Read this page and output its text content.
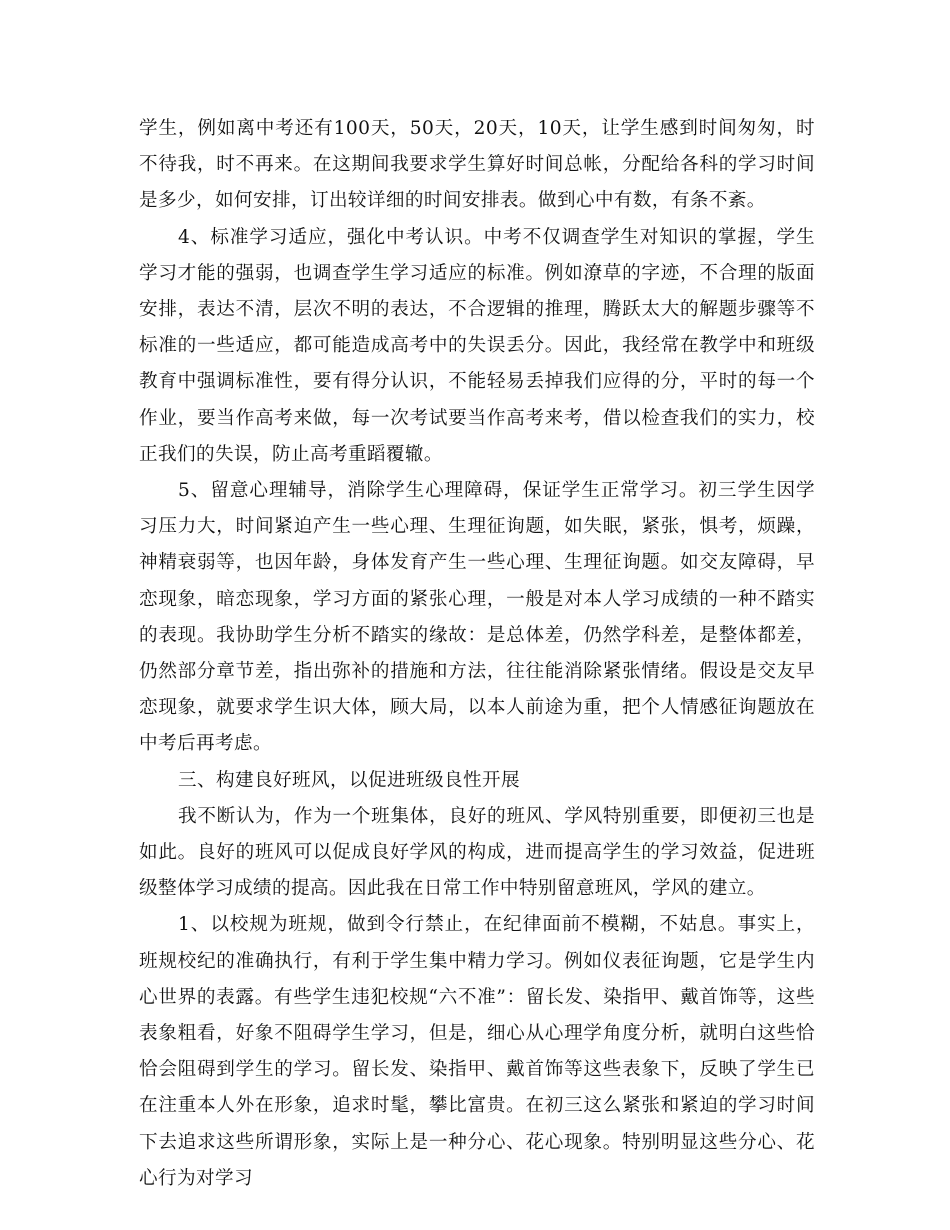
学生，例如离中考还有100天，50天，20天，10天，让学生感到时间匆匆，时不待我，时不再来。在这期间我要求学生算好时间总帐，分配给各科的学习时间是多少，如何安排，订出较详细的时间安排表。做到心中有数，有条不紊。

4、标准学习适应，强化中考认识。中考不仅调查学生对知识的掌握，学生学习才能的强弱，也调查学生学习适应的标准。例如潦草的字迹，不合理的版面安排，表达不清，层次不明的表达，不合逻辑的推理，腾跃太大的解题步骤等不标准的一些适应，都可能造成高考中的失误丢分。因此，我经常在教学中和班级教育中强调标准性，要有得分认识，不能轻易丢掉我们应得的分，平时的每一个作业，要当作高考来做，每一次考试要当作高考来考，借以检查我们的实力，校正我们的失误，防止高考重蹈覆辙。

5、留意心理辅导，消除学生心理障碍，保证学生正常学习。初三学生因学习压力大，时间紧迫产生一些心理、生理征询题，如失眠，紧张，惧考，烦躁，神精衰弱等，也因年龄，身体发育产生一些心理、生理征询题。如交友障碍，早恋现象，暗恋现象，学习方面的紧张心理，一般是对本人学习成绩的一种不踏实的表现。我协助学生分析不踏实的缘故：是总体差，仍然学科差，是整体都差，仍然部分章节差，指出弥补的措施和方法，往往能消除紧张情绪。假设是交友早恋现象，就要求学生识大体，顾大局，以本人前途为重，把个人情感征询题放在中考后再考虑。

三、构建良好班风，以促进班级良性开展

我不断认为，作为一个班集体，良好的班风、学风特别重要，即便初三也是如此。良好的班风可以促成良好学风的构成，进而提高学生的学习效益，促进班级整体学习成绩的提高。因此我在日常工作中特别留意班风，学风的建立。

1、以校规为班规，做到令行禁止，在纪律面前不模糊，不姑息。事实上，班规校纪的准确执行，有利于学生集中精力学习。例如仪表征询题，它是学生内心世界的表露。有些学生违犯校规“六不准”：留长发、染指甲、戴首饰等，这些表象粗看，好象不阻碍学生学习，但是，细心从心理学角度分析，就明白这些恰恰会阻碍到学生的学习。留长发、染指甲、戴首饰等这些表象下，反映了学生已在注重本人外在形象，追求时髦，攀比富贵。在初三这么紧张和紧迫的学习时间下去追求这些所谓形象，实际上是一种分心、花心现象。特别明显这些分心、花心行为对学习
